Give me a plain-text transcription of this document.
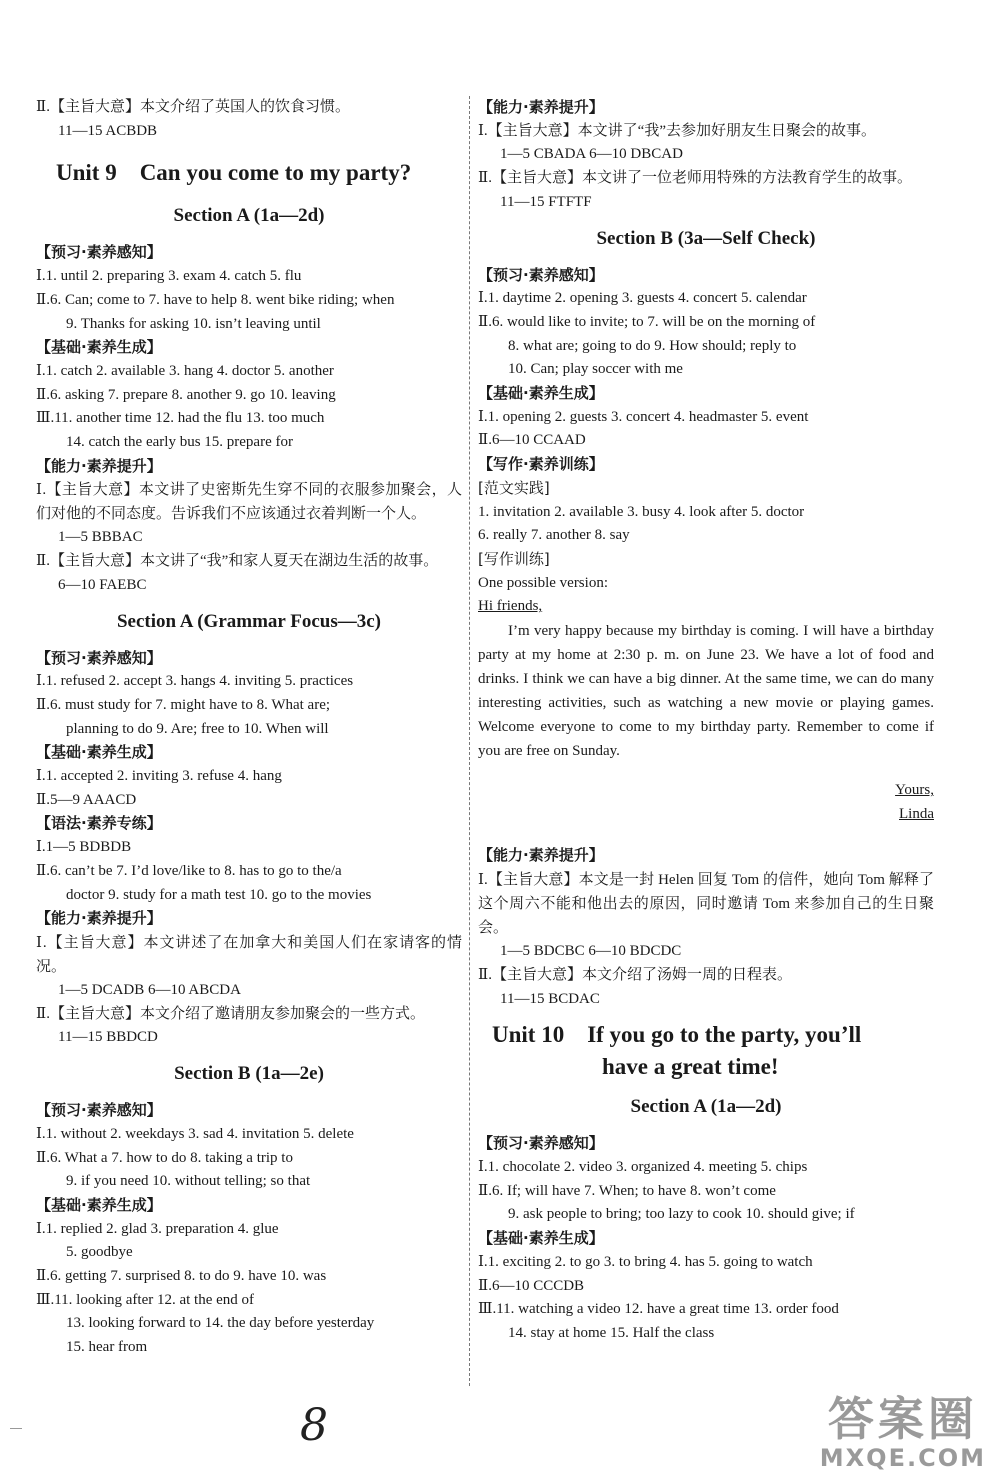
Ⅱ.【主旨大意】本文介绍了英国人的饮食习惯。
11—15 ACBDB
Unit 9    Can you come to my party?
Section A (1a—2d)
【预习·素养感知】
Ⅰ.1. until 2. preparing 3. exam 4. catch 5. flu
Ⅱ.6. Can; come to 7. have to help 8. went bike riding; when
9. Thanks for asking 10. isn’t leaving until
【基础·素养生成】
Ⅰ.1. catch 2. available 3. hang 4. doctor 5. another
Ⅱ.6. asking 7. prepare 8. another 9. go 10. leaving
Ⅲ.11. another time 12. had the flu 13. too much
14. catch the early bus 15. prepare for
【能力·素养提升】
Ⅰ.【主旨大意】本文讲了史密斯先生穿不同的衣服参加聚会，人们对他的不同态度。告诉我们不应该通过衣着判断一个人。
1—5 BBBAC
Ⅱ.【主旨大意】本文讲了“我”和家人夏天在湖边生活的故事。
6—10 FAEBC
Section A (Grammar Focus—3c)
【预习·素养感知】
Ⅰ.1. refused 2. accept 3. hangs 4. inviting 5. practices
Ⅱ.6. must study for 7. might have to 8. What are;
planning to do 9. Are; free to 10. When will
【基础·素养生成】
Ⅰ.1. accepted 2. inviting 3. refuse 4. hang
Ⅱ.5—9 AAACD
【语法·素养专练】
Ⅰ.1—5 BDBDB
Ⅱ.6. can’t be 7. I’d love/like to 8. has to go to the/a
doctor 9. study for a math test 10. go to the movies
【能力·素养提升】
Ⅰ.【主旨大意】本文讲述了在加拿大和美国人们在家请客的情况。
1—5 DCADB 6—10 ABCDA
Ⅱ.【主旨大意】本文介绍了邀请朋友参加聚会的一些方式。
11—15 BBDCD
Section B (1a—2e)
【预习·素养感知】
Ⅰ.1. without 2. weekdays 3. sad 4. invitation 5. delete
Ⅱ.6. What a 7. how to do 8. taking a trip to
9. if you need 10. without telling; so that
【基础·素养生成】
Ⅰ.1. replied 2. glad 3. preparation 4. glue
5. goodbye
Ⅱ.6. getting 7. surprised 8. to do 9. have 10. was
Ⅲ.11. looking after 12. at the end of
13. looking forward to 14. the day before yesterday
15. hear from
【能力·素养提升】
Ⅰ.【主旨大意】本文讲了“我”去参加好朋友生日聚会的故事。
1—5 CBADA 6—10 DBCAD
Ⅱ.【主旨大意】本文讲了一位老师用特殊的方法教育学生的故事。
11—15 FTFTF
Section B (3a—Self Check)
【预习·素养感知】
Ⅰ.1. daytime 2. opening 3. guests 4. concert 5. calendar
Ⅱ.6. would like to invite; to 7. will be on the morning of
8. what are; going to do 9. How should; reply to
10. Can; play soccer with me
【基础·素养生成】
Ⅰ.1. opening 2. guests 3. concert 4. headmaster 5. event
Ⅱ.6—10 CCAAD
【写作·素养训练】
[范文实践]
1. invitation 2. available 3. busy 4. look after 5. doctor
6. really 7. another 8. say
[写作训练]
One possible version:
Hi friends,
I’m very happy because my birthday is coming. I will have a birthday party at my home at 2:30 p. m. on June 23. We have a lot of food and drinks. I think we can have a big dinner. At the same time, we can do many interesting activities, such as watching a new movie or playing games. Welcome everyone to come to my birthday party. Remember to come if you are free on Sunday.
Yours,
Linda
【能力·素养提升】
Ⅰ.【主旨大意】本文是一封 Helen 回复 Tom 的信件，她向 Tom 解释了这个周六不能和他出去的原因，同时邀请 Tom 来参加自己的生日聚会。
1—5 BDCBC 6—10 BDCDC
Ⅱ.【主旨大意】本文介绍了汤姆一周的日程表。
11—15 BCDAC
Unit 10    If you go to the party, you’ll
have a great time!
Section A (1a—2d)
【预习·素养感知】
Ⅰ.1. chocolate 2. video 3. organized 4. meeting 5. chips
Ⅱ.6. If; will have 7. When; to have 8. won’t come
9. ask people to bring; too lazy to cook 10. should give; if
【基础·素养生成】
Ⅰ.1. exciting 2. to go 3. to bring 4. has 5. going to watch
Ⅱ.6—10 CCCDB
Ⅲ.11. watching a video 12. have a great time 13. order food
14. stay at home 15. Half the class
8	答案圈
MXQE.COM
